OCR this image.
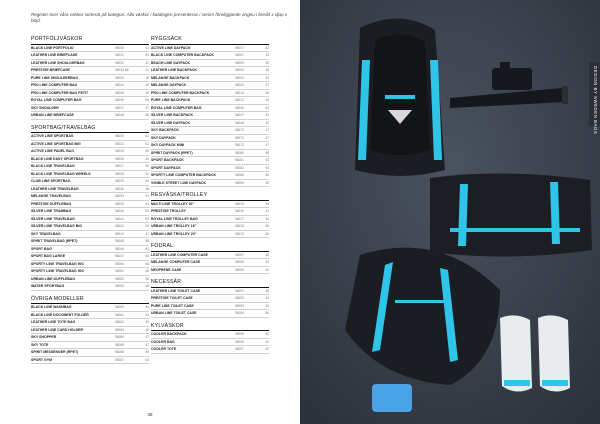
Register över våra väskor sorterat på kategori. Alla väskor i katalogen presenteras i serien föreliggande angeu i bredd x djup x höjd.
PORTFÖLJVÄSKOR
BLACK LINE PORTFOLIO	56030	41
LEATHER LINE BRIEFCASE	56031	41
LEATHER LINE SHOULDERBAG	56032	41
PRESTIGE BRIEFCASE	56033 BE	41
PURE LINE SHOULDERBAG	56034	45
PRO LINE COMPUTER BAG	56044	46
PRO LINE COMPUTER BAG PETIT	56045	46
ROYAL LINE COMPUTER BAG	56046	54
SKY SHOULDER	56047	47
URBAN LINE BRIEFCASE	56048	56
SPORTBAG/TRAVELBAG
ACTIVE LINE SPORTBAG	56020	61
ACTIVE LINE SPORTBAG BIG	56021	61
ACTIVE LINE PADEL BAG	56025	62
BLACK LINE EASY SPORTBAG	56026	43
BLACK LINE TRAVELBAG	56027	43
BLACK LINE TRAVELBAG WHEELS	56028	44
CLUB LINE SPORTBAG	56029	64
LEATHER LINE TRAVELBAG	56030	48
MELANGE TRAVELBAG	56034	51
PRESTIGE DUFFLEBAG	56035	41
SILVER LINE TRAMBAG	56040	53
SILVER LINE TRAVELBAG	56041	53
SILVER LINE TRAVELBAG BIG	56042	53
SKY TRAVELBAG	56043	47
SPIRIT TRAVELBAG (RPET)	56045	58
SPORT BAG	56046	63
SPORT BAG LARGE	56047	63
SPORTY LINE TRAVELBAG 50C	56050	66
SPORTY LINE TRAVELBAG 50C	56051	66
URBAN LINE DUFFLEBAG	56052	56
WATER SPORTBAG	56053	65
ÖVRIGA MODELLER
BLACK LINE WASHBAG	56060	44
BLACK LINE DOCUMENT FOLDER	56061	44
LEATHER LINE TOTE BAG	56062	49
LEATHER LINE CARD HOLDER	56063	49
SKY SHOPPER	56064	47
SKY TOTE	56065	47
SPIRIT MESSENGER (RPET)	56066	58
SPORT GYM	56067	63
RYGGSÄCK
ACTIVE LINE DAYPACK	56007	62
BLACK LINE COMPUTER BACKPACK	56001	43
BEACH LINE DAYPACK	56009	65
LEATHER LINE BACKPACK	56004	48
MELANGE BACKPACK	56002	51
MELANGE DAYPACK	56003	51
PRO LINE COMPUTER BACKPACK	56010	46
PURE LINE BACKPACK	56012	45
ROYAL LINE COMPUTER BAG	56046	54
SILVER LINE BACKPACK	56047	53
SILVER LINE DAYPACK	56048	53
SKY BACKPACK	56070	47
SKY DAYPACK	56071	47
SKY DAYPACK MINI	56072	47
SPIRIT DAYPACK (RPET)	56080	58
SPORT BACKPACK	56081	63
SPORT DAYPACK	56082	63
SPORTY LINE COMPUTER BACKPACK	56085	66
VISIBLE STREET LINE DAYPACK	56090	59
RESVÄSKA/TROLLEY
MULTI LINE TROLLEY 20"	56015	55
PRESTIGE TROLLEY	56016	41
ROYAL LINE TROLLEY BAG	56017	54
URBAN LINE TROLLEY 16"	56018	56
URBAN LINE TROLLEY 20"	56019	56
FODRAL
LEATHER LINE COMPUTER CASE	56057	48
MELANGE COMPUTER CASE	56058	51
NEOPRENE CASE	56059	60
NECESSÄR
LEATHER LINE TOILET CASE	56091	48
PRESTIGE TOILET CASE	56092	41
PURE LINE TOILET CASE	56093	45
URBAN LINE TOILET CASE	56094	56
KYLVÄSKOR
COOLER BACKPACK	56095	60
COOLER BAG	56096	60
COOLER TOTE	56097	60
38
DESIGN BY SWEDEN BAGS
